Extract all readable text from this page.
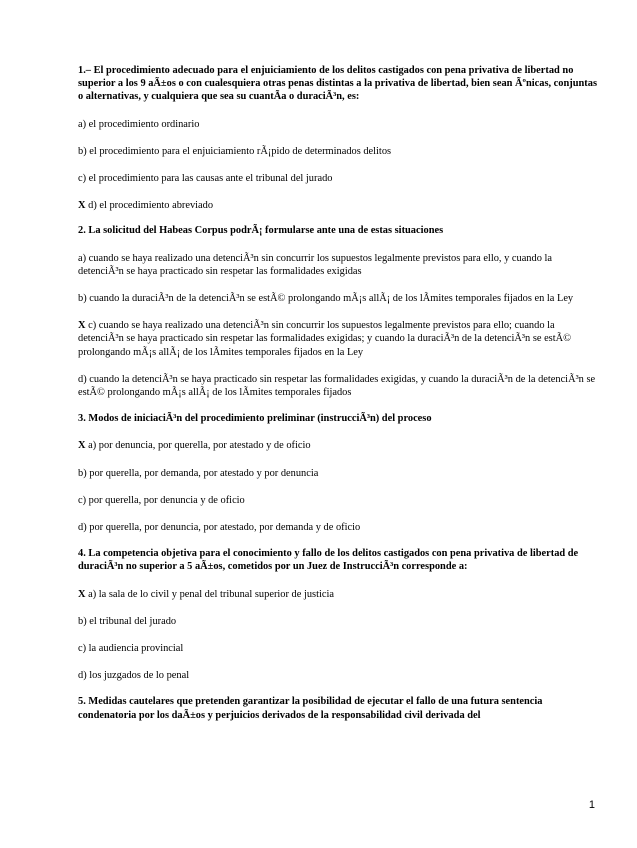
1.– El procedimiento adecuado para el enjuiciamiento de los delitos castigados con pena privativa de libertad no superior a los 9 aÃ±os o con cualesquiera otras penas distintas a la privativa de libertad, bien sean Ãºnicas, conjuntas o alternativas, y cualquiera que sea su cuantÃa o duraciÃ³n, es:

a) el procedimiento ordinario

b) el procedimiento para el enjuiciamiento rÃ¡pido de determinados delitos

c) el procedimiento para las causas ante el tribunal del jurado

X d) el procedimiento abreviado

2. La solicitud del Habeas Corpus podrÃ¡ formularse ante una de estas situaciones

a) cuando se haya realizado una detenciÃ³n sin concurrir los supuestos legalmente previstos para ello, y cuando la detenciÃ³n se haya practicado sin respetar las formalidades exigidas

b) cuando la duraciÃ³n de la detenciÃ³n se estÃ© prolongando mÃ¡s allÃ¡ de los lÃmites temporales fijados en la Ley

X c) cuando se haya realizado una detenciÃ³n sin concurrir los supuestos legalmente previstos para ello; cuando la detenciÃ³n se haya practicado sin respetar las formalidades exigidas; y cuando la duraciÃ³n de la detenciÃ³n se estÃ© prolongando mÃ¡s allÃ¡ de los lÃmites temporales fijados en la Ley

d) cuando la detenciÃ³n se haya practicado sin respetar las formalidades exigidas, y cuando la duraciÃ³n de la detenciÃ³n se estÃ© prolongando mÃ¡s allÃ¡ de los lÃmites temporales fijados

3. Modos de iniciaciÃ³n del procedimiento preliminar (instrucciÃ³n) del proceso

X a) por denuncia, por querella, por atestado y de oficio

b) por querella, por demanda, por atestado y por denuncia

c) por querella, por denuncia y de oficio

d) por querella, por denuncia, por atestado, por demanda y de oficio

4. La competencia objetiva para el conocimiento y fallo de los delitos castigados con pena privativa de libertad de duraciÃ³n no superior a 5 aÃ±os, cometidos por un Juez de InstrucciÃ³n corresponde a:

X a) la sala de lo civil y penal del tribunal superior de justicia

b) el tribunal del jurado

c) la audiencia provincial

d) los juzgados de lo penal

5. Medidas cautelares que pretenden garantizar la posibilidad de ejecutar el fallo de una futura sentencia condenatoria por los daÃ±os y perjuicios derivados de la responsabilidad civil derivada del

1
